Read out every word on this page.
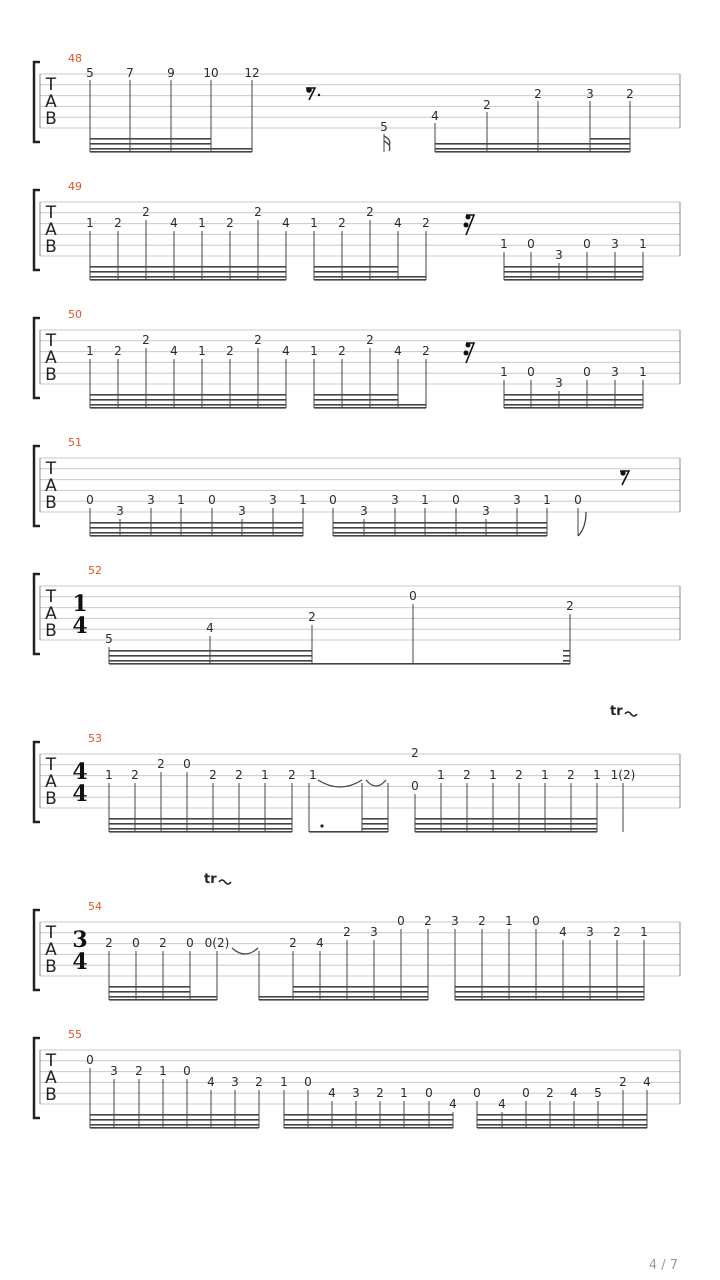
48
T
A
B
5	7	9 10 12
5
4
2
2	3	2
49
T
A
B
1 2
2
4 1 2
2
4 1 2
2
4 2
1 0
3
0 3 1
50
T
A
B
1 2
2
4 1 2
2
4 1 2
2
4 2
1 0
3
0 3 1
51
T
A
B 0
3
3 1 0
3
3 1 0
3
3 1 0
3
3 1 0
52
T
A
B
1
4 5
4
2
0
2
tr
53
T
A
B
4
4
1 2
2 0
2 2 1 2 1
2
0
1 2 1 2 1 2 1 1(2)
tr
54
T
A
B
3
4
2 0 2 0 0(2)	2 4
2 3
0 2 3 2 1 0
4 3 2 1
55
T
A
B
0
3 2 1 0
4 3 2 1 0
4 3 2 1 0
4
0
4
0 2 4 5
2 4
4 / 7
